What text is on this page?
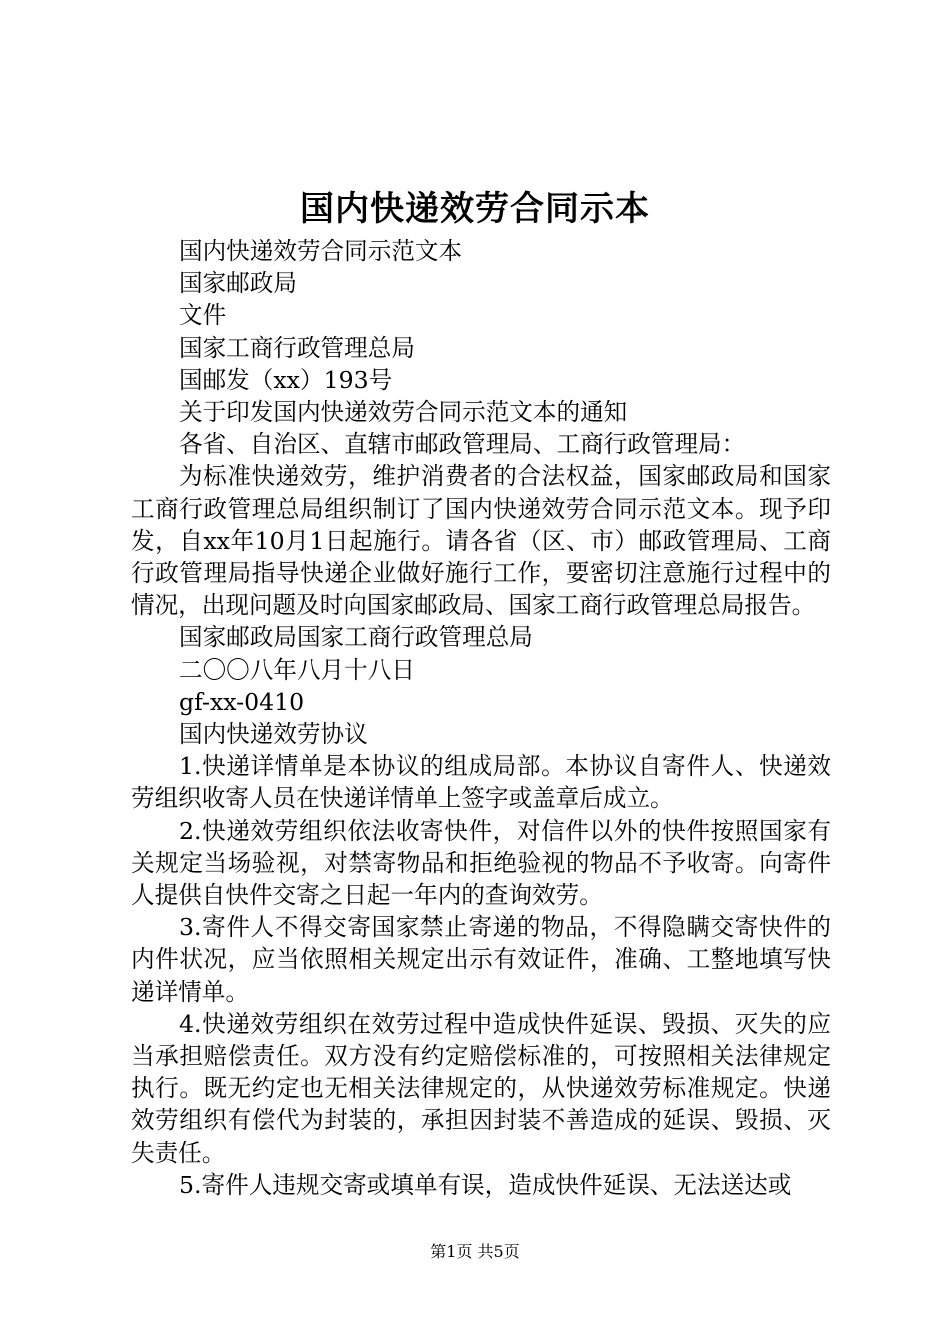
国内快递效劳合同示本

国内快递效劳合同示范文本

国家邮政局

文件

国家工商行政管理总局

国邮发（xx）193号

关于印发国内快递效劳合同示范文本的通知

各省、自治区、直辖市邮政管理局、工商行政管理局：

为标准快递效劳，维护消费者的合法权益，国家邮政局和国家工商行政管理总局组织制订了国内快递效劳合同示范文本。现予印发，自xx年10月1日起施行。请各省（区、市）邮政管理局、工商行政管理局指导快递企业做好施行工作，要密切注意施行过程中的情况，出现问题及时向国家邮政局、国家工商行政管理总局报告。

国家邮政局国家工商行政管理总局

二〇〇八年八月十八日

gf-xx-0410

国内快递效劳协议

1.快递详情单是本协议的组成局部。本协议自寄件人、快递效劳组织收寄人员在快递详情单上签字或盖章后成立。

2.快递效劳组织依法收寄快件，对信件以外的快件按照国家有关规定当场验视，对禁寄物品和拒绝验视的物品不予收寄。向寄件人提供自快件交寄之日起一年内的查询效劳。

3.寄件人不得交寄国家禁止寄递的物品，不得隐瞒交寄快件的内件状况，应当依照相关规定出示有效证件，准确、工整地填写快递详情单。

4.快递效劳组织在效劳过程中造成快件延误、毁损、灭失的应当承担赔偿责任。双方没有约定赔偿标准的，可按照相关法律规定执行。既无约定也无相关法律规定的，从快递效劳标准规定。快递效劳组织有偿代为封装的，承担因封装不善造成的延误、毁损、灭失责任。

5.寄件人违规交寄或填单有误，造成快件延误、无法送达或

第1页 共5页
